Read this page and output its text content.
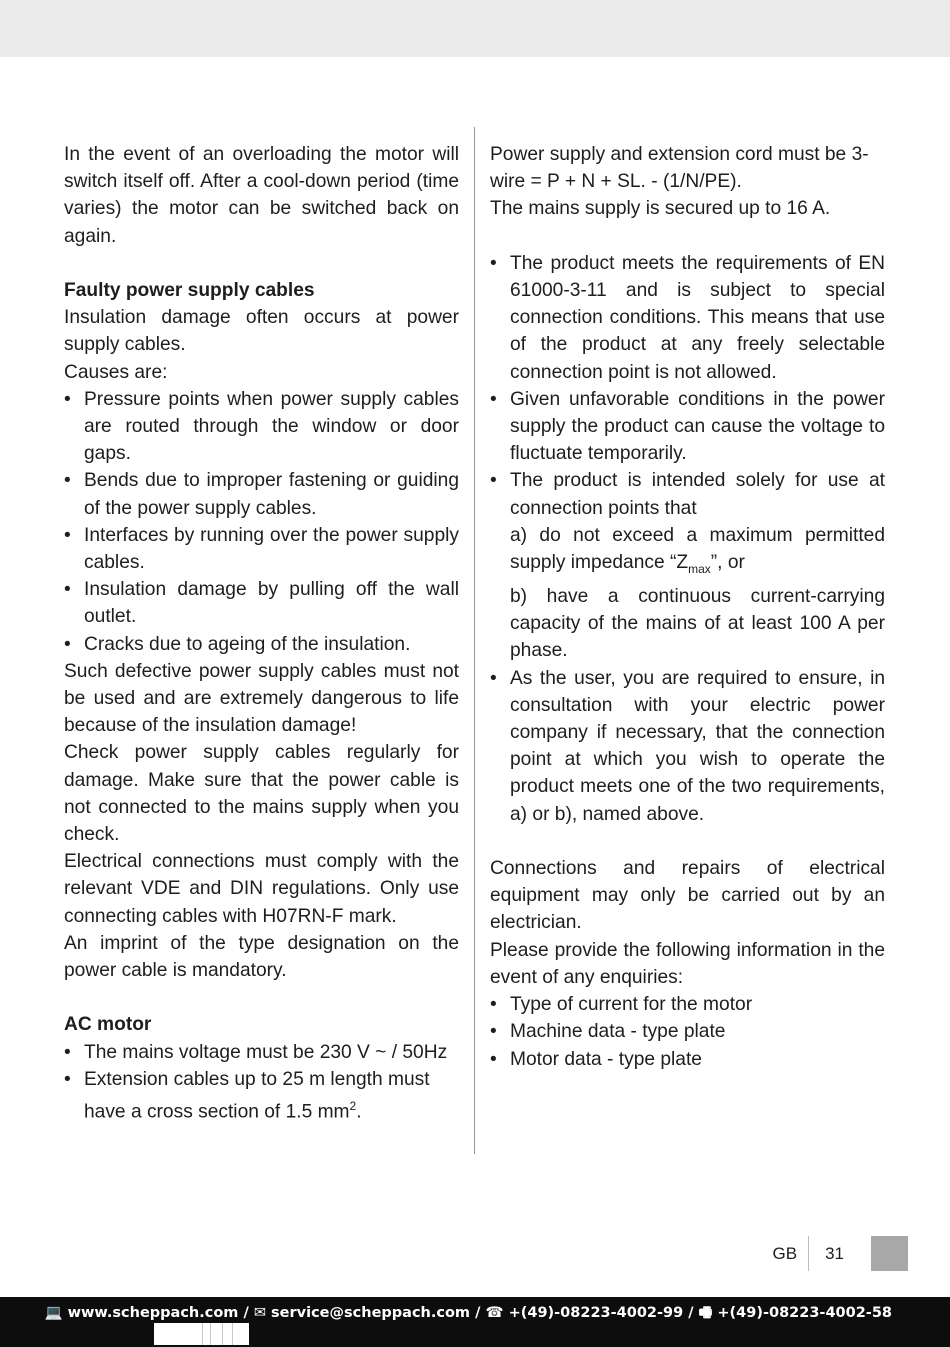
In the event of an overloading the motor will switch itself off. After a cool-down period (time varies) the motor can be switched back on again.

Faulty power supply cables

Insulation damage often occurs at power supply cables.

Causes are:

• Pressure points when power supply cables are routed through the window or door gaps.
• Bends due to improper fastening or guiding of the power supply cables.
• Interfaces by running over the power supply cables.
• Insulation damage by pulling off the wall outlet.
• Cracks due to ageing of the insulation.

Such defective power supply cables must not be used and are extremely dangerous to life because of the insulation damage!

Check power supply cables regularly for damage. Make sure that the power cable is not connected to the mains supply when you check.

Electrical connections must comply with the relevant VDE and DIN regulations. Only use connecting cables with H07RN-F mark.

An imprint of the type designation on the power cable is mandatory.

AC motor
• The mains voltage must be 230 V ~ / 50Hz
• Extension cables up to 25 m length must have a cross section of 1.5 $mm^2$.

Power supply and extension cord must be 3-wire = P + N + SL. - (1/N/PE).

The mains supply is secured up to 16 A.

• The product meets the requirements of EN 61000-3-11 and is subject to special connection conditions. This means that use of the product at any freely selectable connection point is not allowed.
• Given unfavorable conditions in the power supply the product can cause the voltage to fluctuate temporarily.
• The product is intended solely for use at connection points that
a) do not exceed a maximum permitted supply impedance “$Z_{max}$”, or
b) have a continuous current-carrying capacity of the mains of at least 100 A per phase.
• As the user, you are required to ensure, in consultation with your electric power company if necessary, that the connection point at which you wish to operate the product meets one of the two requirements, a) or b), named above.

Connections and repairs of electrical equipment may only be carried out by an electrician.

Please provide the following information in the event of any enquiries:

• Type of current for the motor
• Machine data - type plate
• Motor data - type plate
GB	31
💻 www.scheppach.com / ✉ service@scheppach.com / ☎ +(49)-08223-4002-99 / 🖷 +(49)-08223-4002-58
